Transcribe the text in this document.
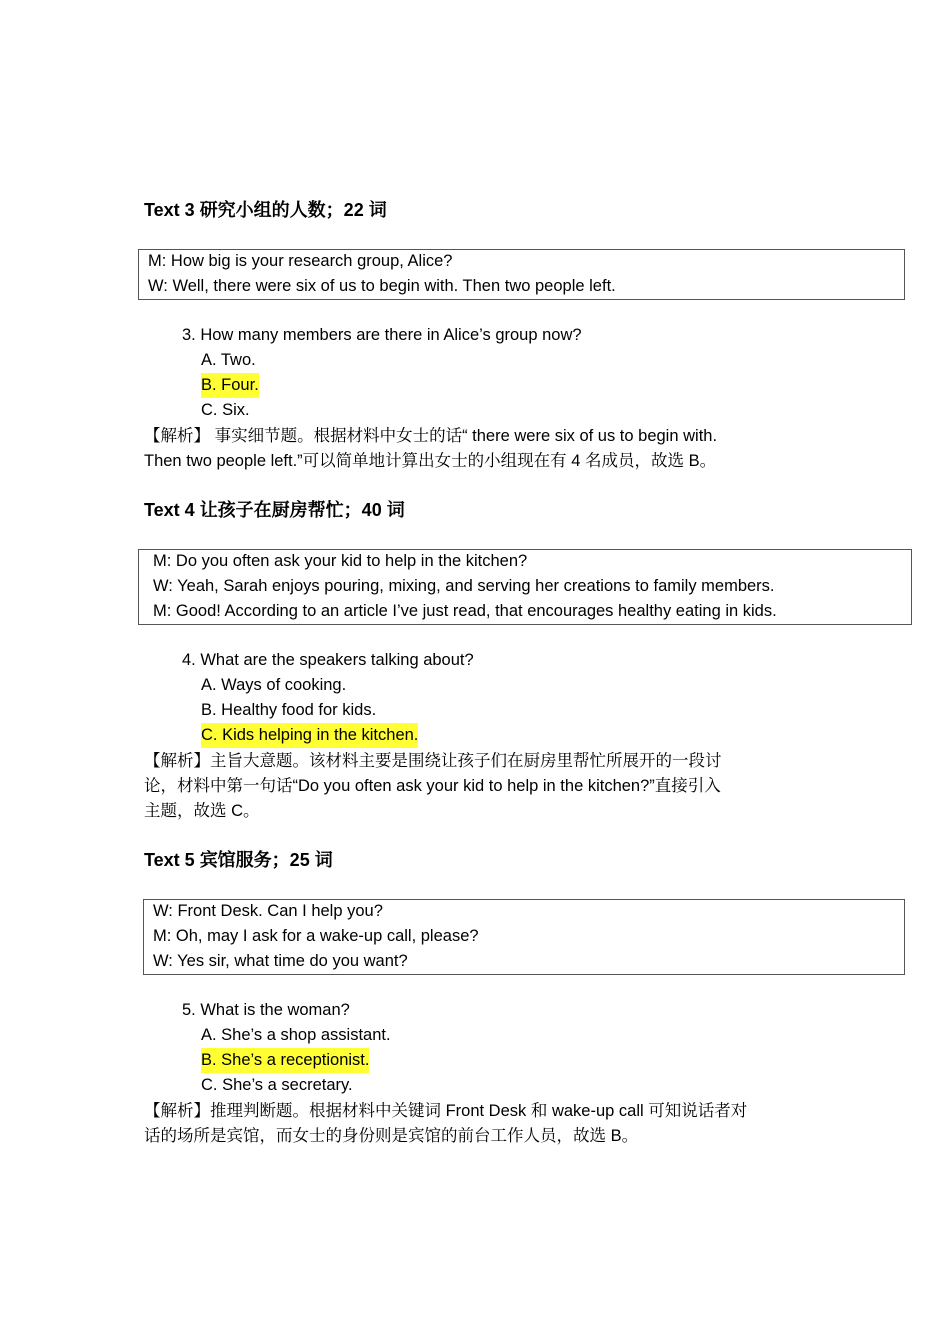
Text 3 研究小组的人数；22 词
M: How big is your research group, Alice?
W: Well, there were six of us to begin with. Then two people left.
3. How many members are there in Alice’s group now?
A. Two.
B. Four.
C. Six.
【解析】 事实细节题。根据材料中女士的话“ there were six of us to begin with.
Then two people left.”可以简单地计算出女士的小组现在有 4 名成员，故选 B。
Text 4 让孩子在厨房帮忙；40 词
M: Do you often ask your kid to help in the kitchen?
W: Yeah, Sarah enjoys pouring, mixing, and serving her creations to family members.
M: Good! According to an article I’ve just read, that encourages healthy eating in kids.
4. What are the speakers talking about?
A. Ways of cooking.
B. Healthy food for kids.
C. Kids helping in the kitchen.
【解析】主旨大意题。该材料主要是围绕让孩子们在厨房里帮忙所展开的一段讨
论，材料中第一句话“Do you often ask your kid to help in the kitchen?”直接引入
主题，故选 C。
Text 5 宾馆服务；25 词
W: Front Desk. Can I help you?
M: Oh, may I ask for a wake-up call, please?
W: Yes sir, what time do you want?
5. What is the woman?
A. She’s a shop assistant.
B. She’s a receptionist.
C. She’s a secretary.
【解析】推理判断题。根据材料中关键词 Front Desk 和 wake-up call 可知说话者对
话的场所是宾馆，而女士的身份则是宾馆的前台工作人员，故选 B。
